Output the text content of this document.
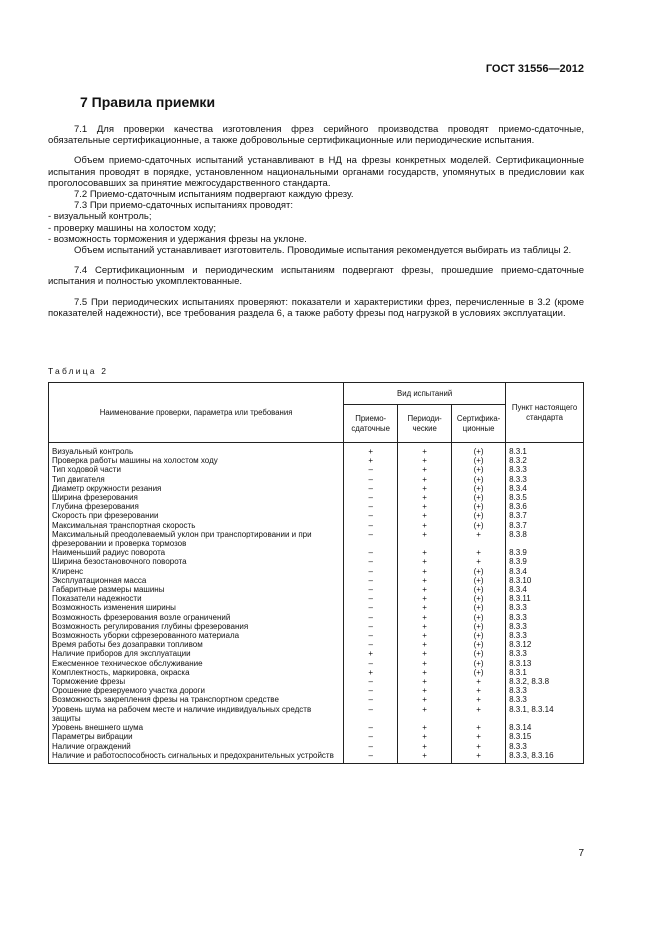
ГОСТ 31556—2012
7 Правила приемки

7.1 Для проверки качества изготовления фрез серийного производства проводят приемо-сдаточные, обязательные сертификационные, а также добровольные сертификационные или периодические испытания.

Объем приемо-сдаточных испытаний устанавливают в НД на фрезы конкретных моделей. Сертификационные испытания проводят в порядке, установленном национальными органами государств, упомянутых в предисловии как проголосовавших за принятие межгосударственного стандарта.

7.2 Приемо-сдаточным испытаниям подвергают каждую фрезу.

7.3 При приемо-сдаточных испытаниях проводят:

- визуальный контроль;

- проверку машины на холостом ходу;

- возможность торможения и удержания фрезы на уклоне.

Объем испытаний устанавливает изготовитель. Проводимые испытания рекомендуется выбирать из таблицы 2.

7.4 Сертификационным и периодическим испытаниям подвергают фрезы, прошедшие приемо-сдаточные испытания и полностью укомплектованные.

7.5 При периодических испытаниях проверяют: показатели и характеристики фрез, перечисленные в 3.2 (кроме показателей надежности), все требования раздела 6, а также работу фрезы под нагрузкой в условиях эксплуатации.

Таблица 2
Наименование проверки, параметра или требования	Вид испытаний			Пункт настоящего стандарта
	Приемо-сдаточные	Периоди-ческие	Сертифика-ционные	
Визуальный контроль	+	+	(+)	8.3.1
Проверка работы машины на холостом ходу	+	+	(+)	8.3.2
Тип ходовой части	–	+	(+)	8.3.3
Тип двигателя	–	+	(+)	8.3.3
Диаметр окружности резания	–	+	(+)	8.3.4
Ширина фрезерования	–	+	(+)	8.3.5
Глубина фрезерования	–	+	(+)	8.3.6
Скорость при фрезеровании	–	+	(+)	8.3.7
Максимальная транспортная скорость	–	+	(+)	8.3.7
Максимальный преодолеваемый уклон при транспортировании и при фрезеровании и проверка тормозов	–	+	+	8.3.8
Наименьший радиус поворота	–	+	+	8.3.9
Ширина безостановочного поворота	–	+	+	8.3.9
Клиренс	–	+	(+)	8.3.4
Эксплуатационная масса	–	+	(+)	8.3.10
Габаритные размеры машины	–	+	(+)	8.3.4
Показатели надежности	–	+	(+)	8.3.11
Возможность изменения ширины	–	+	(+)	8.3.3
Возможность фрезерования возле ограничений	–	+	(+)	8.3.3
Возможность регулирования глубины фрезерования	–	+	(+)	8.3.3
Возможность уборки сфрезерованного материала	–	+	(+)	8.3.3
Время работы без дозаправки топливом	–	+	(+)	8.3.12
Наличие приборов для эксплуатации	+	+	(+)	8.3.3
Ежесменное техническое обслуживание	–	+	(+)	8.3.13
Комплектность, маркировка, окраска	+	+	(+)	8.3.1
Торможение фрезы	–	+	+	8.3.2, 8.3.8
Орошение фрезеруемого участка дороги	–	+	+	8.3.3
Возможность закрепления фрезы на транспортном средстве	–	+	+	8.3.3
Уровень шума на рабочем месте и наличие индивидуальных средств защиты	–	+	+	8.3.1, 8.3.14
Уровень внешнего шума	–	+	+	8.3.14
Параметры вибрации	–	+	+	8.3.15
Наличие ограждений	–	+	+	8.3.3
Наличие и работоспособность сигнальных и предохранительных устройств	–	+	+	8.3.3, 8.3.16
7
